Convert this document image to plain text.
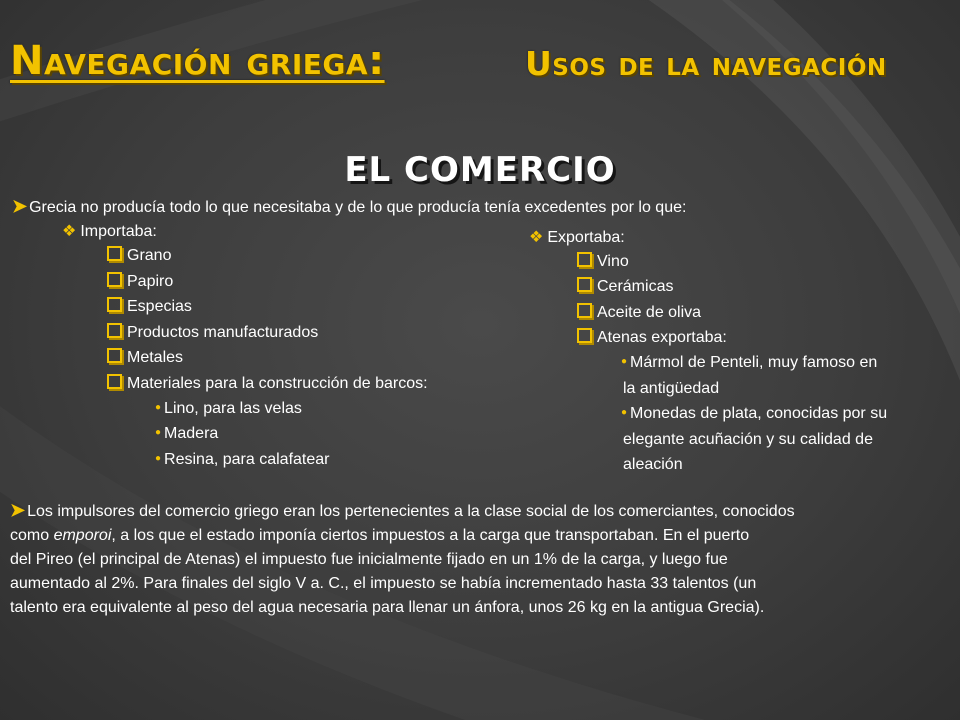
Navegación griega:	Usos de la navegación
EL COMERCIO
➤ Grecia no producía todo lo que necesitaba y de lo que producía tenía excedentes por lo que:
❖ Importaba:
Grano
Papiro
Especias
Productos manufacturados
Metales
Materiales para la construcción de barcos:
● Lino, para las velas
● Madera
● Resina, para calafatear
❖ Exportaba:
Vino
Cerámicas
Aceite de oliva
Atenas exportaba:
● Mármol de Penteli, muy famoso en
la antigüedad
● Monedas de plata, conocidas por su
elegante acuñación y su calidad de
aleación
➤ Los impulsores del comercio griego eran los pertenecientes a la clase social de los comerciantes, conocidos
como emporoi, a los que el estado imponía ciertos impuestos a la carga que transportaban. En el puerto
del Pireo (el principal de Atenas) el impuesto fue inicialmente fijado en un 1% de la carga, y luego fue
aumentado al 2%. Para finales del siglo V a. C., el impuesto se había incrementado hasta 33 talentos (un
talento era equivalente al peso del agua necesaria para llenar un ánfora, unos 26 kg en la antigua Grecia).
